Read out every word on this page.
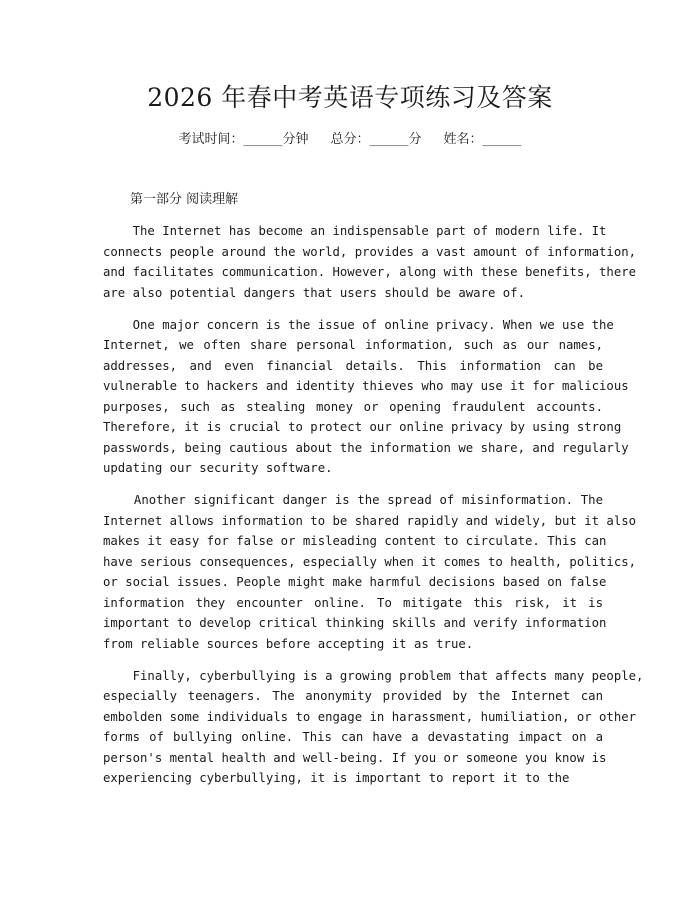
2026 年春中考英语专项练习及答案
考试时间：______分钟 总分：______分 姓名：______
第一部分 阅读理解
The Internet has become an indispensable part of modern life. It
connects people around the world, provides a vast amount of information,
and facilitates communication. However, along with these benefits, there
are also potential dangers that users should be aware of.
One major concern is the issue of online privacy. When we use the
Internet, we often share personal information, such as our names,
addresses, and even financial details. This information can be
vulnerable to hackers and identity thieves who may use it for malicious
purposes, such as stealing money or opening fraudulent accounts.
Therefore, it is crucial to protect our online privacy by using strong
passwords, being cautious about the information we share, and regularly
updating our security software.
Another significant danger is the spread of misinformation. The
Internet allows information to be shared rapidly and widely, but it also
makes it easy for false or misleading content to circulate. This can
have serious consequences, especially when it comes to health, politics,
or social issues. People might make harmful decisions based on false
information they encounter online. To mitigate this risk, it is
important to develop critical thinking skills and verify information
from reliable sources before accepting it as true.
Finally, cyberbullying is a growing problem that affects many people,
especially teenagers. The anonymity provided by the Internet can
embolden some individuals to engage in harassment, humiliation, or other
forms of bullying online. This can have a devastating impact on a
person's mental health and well-being. If you or someone you know is
experiencing cyberbullying, it is important to report it to the
